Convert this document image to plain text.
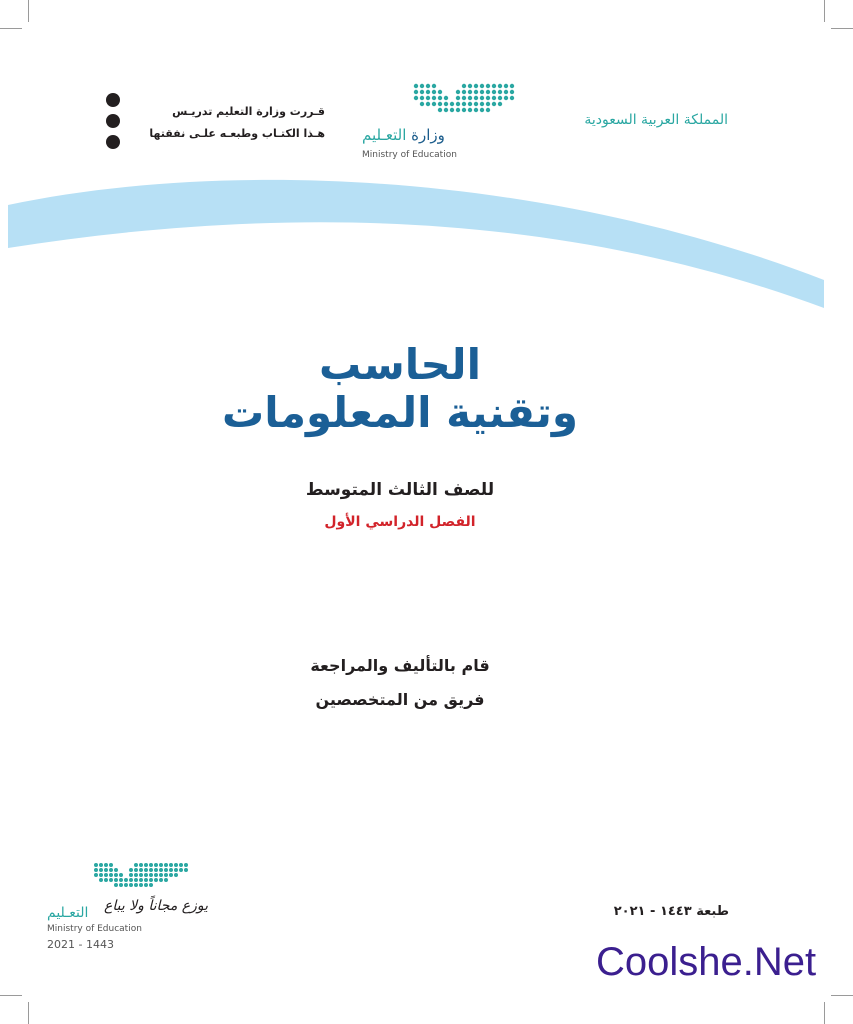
المملكة العربية السعودية
وزارة التعـليم
Ministry of Education
قـررت وزارة التعليم تدريـس
هـذا الكتـاب وطبعـه علـى نفقتها
الحاسب
وتقنية المعلومات
للصف الثالث المتوسط
الفصل الدراسي الأول
قام بالتأليف والمراجعة
فريق من المتخصصين
طبعة ١٤٤٣ - ٢٠٢١
التعـليم يوزع مجاناً ولا يباع
Ministry of Education
2021 - 1443	Coolshe.Net
